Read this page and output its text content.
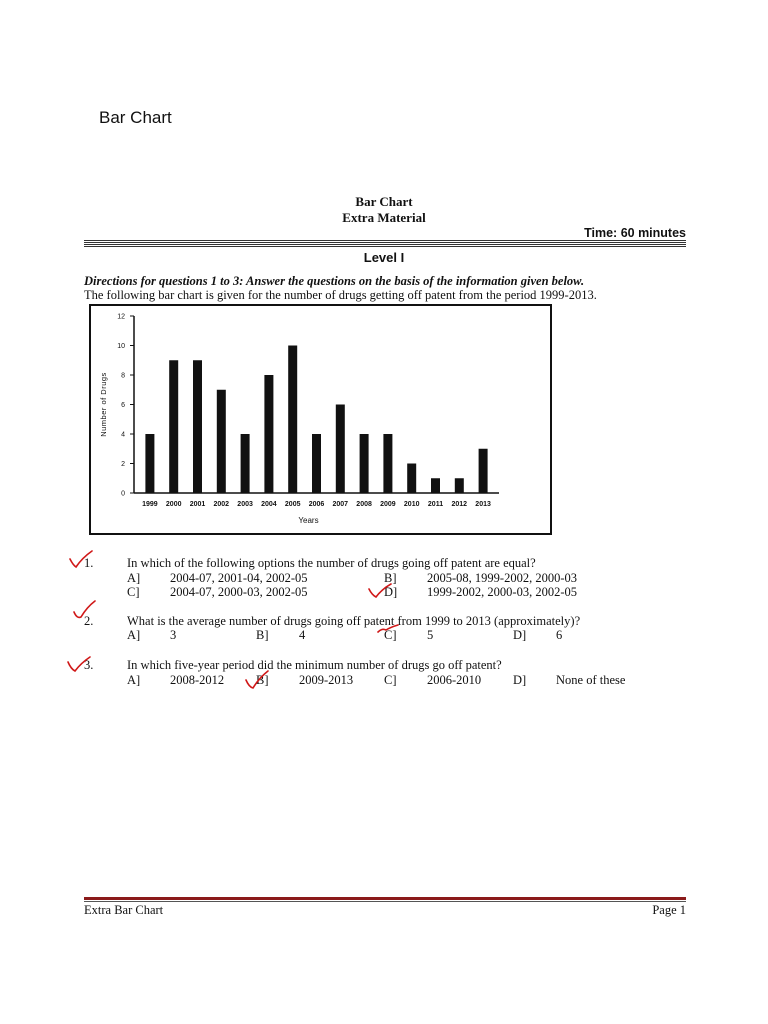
Bar Chart
Bar Chart
Extra Material
Time: 60 minutes
Level I
Directions for questions 1 to 3: Answer the questions on the basis of the information given below.
The following bar chart is given for the number of drugs getting off patent from the period 1999-2013.
0
2
4
6
8
10
12
1999 2000 2001 2002 2003 2004 2005 2006 2007 2008 2009 2010 2011 2012 2013
Years
Number of Drugs
1.	In which of the following options the number of drugs going off patent are equal?
A] 2004-07, 2001-04, 2002-05	B] 2005-08, 1999-2002, 2000-03
C] 2004-07, 2000-03, 2002-05	D] 1999-2002, 2000-03, 2002-05
2.	What is the average number of drugs going off patent from 1999 to 2013 (approximately)?
A] 3	B] 4	C] 5	D] 6
3.	In which five-year period did the minimum number of drugs go off patent?
A] 2008-2012	B] 2009-2013 C] 2006-2010	D] None of these
Extra Bar Chart	Page 1
